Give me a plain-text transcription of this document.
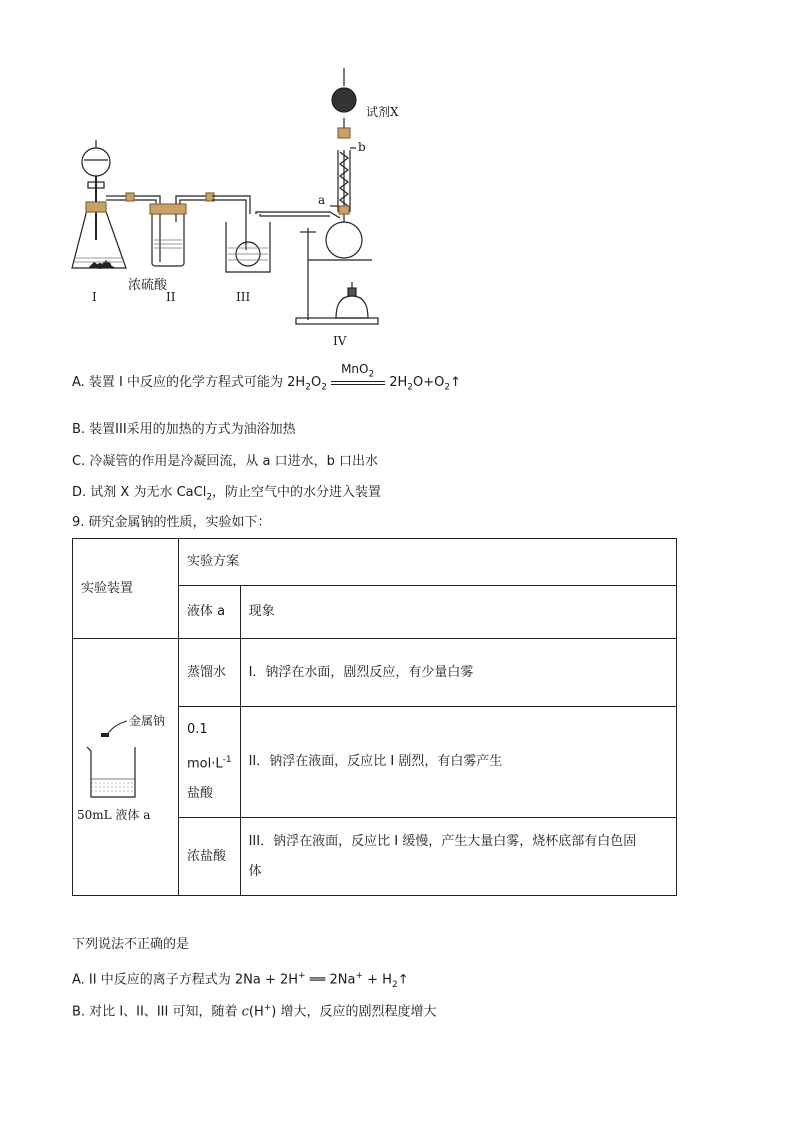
试剂X
b
a
浓硫酸
I	II	III
IV
A. 装置 I 中反应的化学方程式可能为 $2H_2O_2$
MnO$_2$
$2H_2O+O_2↑$
B. 装置III采用的加热的方式为油浴加热
C. 冷凝管的作用是冷凝回流，从 a 口进水，b 口出水
D. 试剂 X 为无水 CaCl$_2$，防止空气中的水分进入装置
9. 研究金属钠的性质，实验如下：
实验装置	实验方案	
	液体 a	现象

金属钠
50mL 液体 a	蒸馏水	I．钠浮在水面，剧烈反应，有少量白雾
	0.1
$mol\cdot L^{-1}$
盐酸	II．钠浮在液面，反应比 I 剧烈，有白雾产生
	浓盐酸	III．钠浮在液面，反应比 I 缓慢，产生大量白雾，烧杯底部有白色固
体
下列说法不正确的是
A. II 中反应的离子方程式为 2Na + 2H+ ══ $2Na^+ + H_2↑$
B. 对比 I、II、III 可知，随着 c(H+) 增大，反应的剧烈程度增大
